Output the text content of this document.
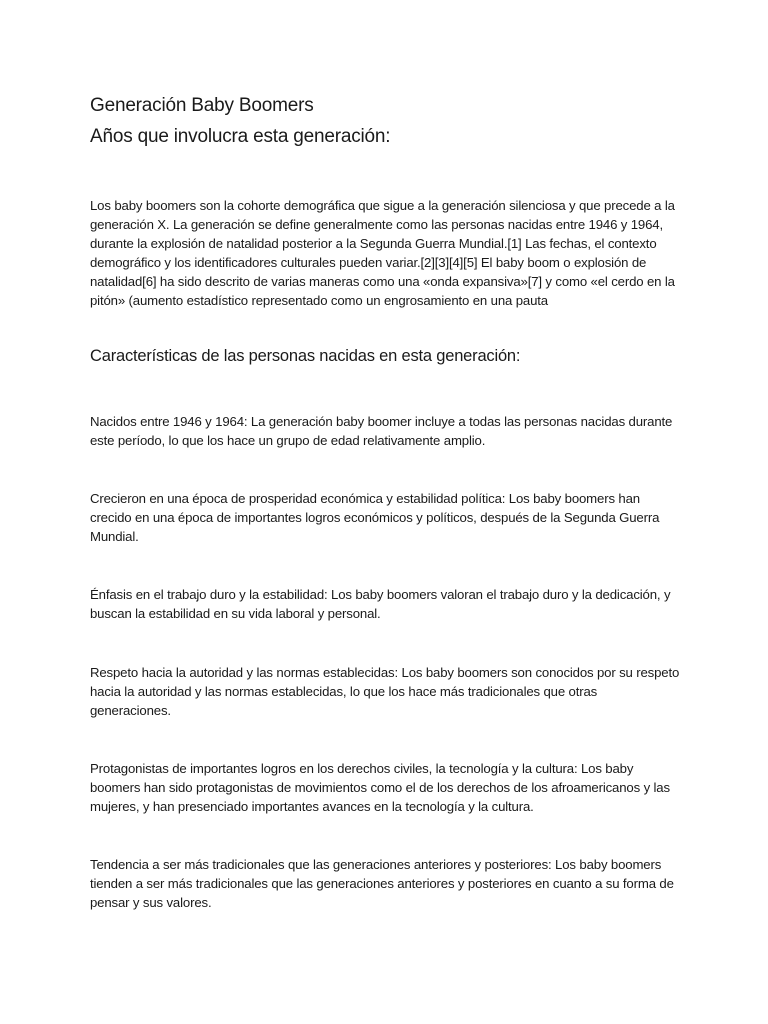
Generación Baby Boomers
Años que involucra esta generación:

Los baby boomers son la cohorte demográfica que sigue a la generación silenciosa y que precede a la generación X. La generación se define generalmente como las personas nacidas entre 1946 y 1964, durante la explosión de natalidad posterior a la Segunda Guerra Mundial.[1] Las fechas, el contexto demográfico y los identificadores culturales pueden variar.[2][3][4][5] El baby boom o explosión de natalidad[6] ha sido descrito de varias maneras como una «onda expansiva»[7] y como «el cerdo en la pitón» (aumento estadístico representado como un engrosamiento en una pauta

Características de las personas nacidas en esta generación:

Nacidos entre 1946 y 1964: La generación baby boomer incluye a todas las personas nacidas durante este período, lo que los hace un grupo de edad relativamente amplio.

Crecieron en una época de prosperidad económica y estabilidad política: Los baby boomers han crecido en una época de importantes logros económicos y políticos, después de la Segunda Guerra Mundial.

Énfasis en el trabajo duro y la estabilidad: Los baby boomers valoran el trabajo duro y la dedicación, y buscan la estabilidad en su vida laboral y personal.

Respeto hacia la autoridad y las normas establecidas: Los baby boomers son conocidos por su respeto hacia la autoridad y las normas establecidas, lo que los hace más tradicionales que otras generaciones.

Protagonistas de importantes logros en los derechos civiles, la tecnología y la cultura: Los baby boomers han sido protagonistas de movimientos como el de los derechos de los afroamericanos y las mujeres, y han presenciado importantes avances en la tecnología y la cultura.

Tendencia a ser más tradicionales que las generaciones anteriores y posteriores: Los baby boomers tienden a ser más tradicionales que las generaciones anteriores y posteriores en cuanto a su forma de pensar y sus valores.
